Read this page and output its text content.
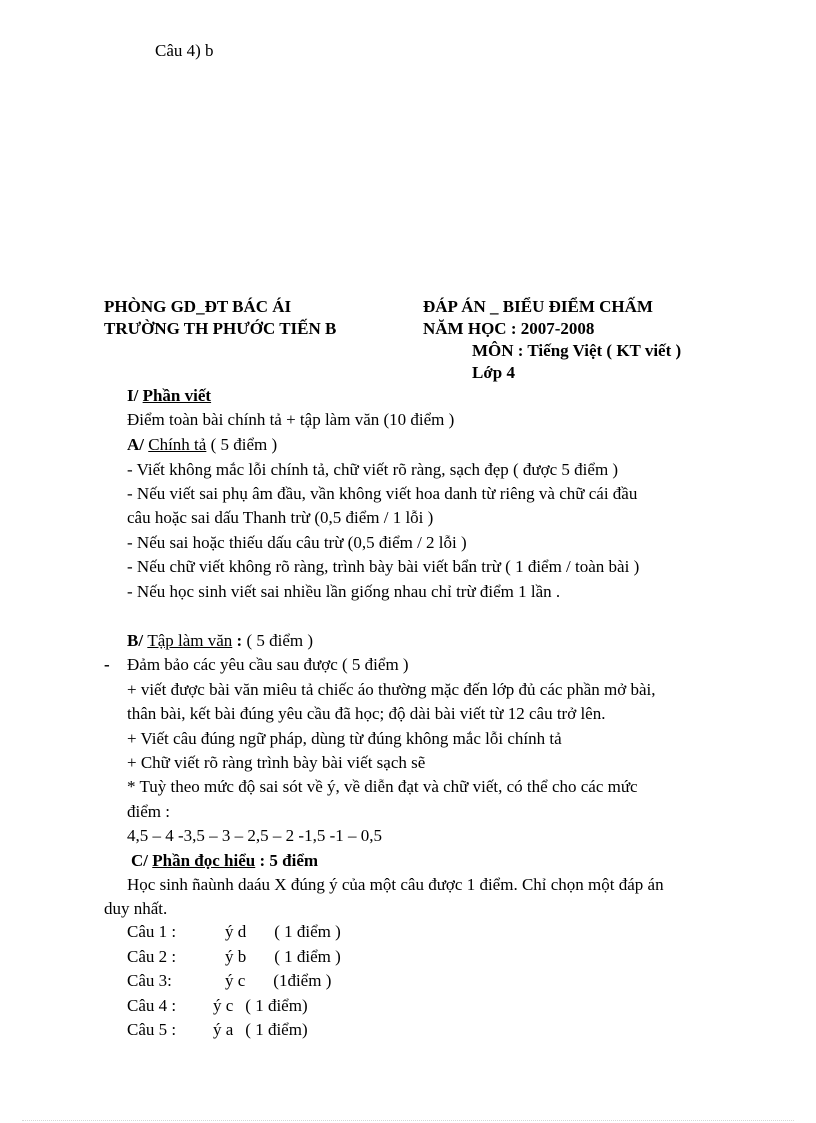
Câu 4) b
PHÒNG GD_ĐT BÁC ÁI
TRƯỜNG TH PHƯỚC TIẾN B
ĐÁP ÁN _ BIỂU ĐIỂM CHẤM
NĂM HỌC : 2007-2008
MÔN : Tiếng Việt ( KT viết )
Lớp 4
I/ Phần viết
Điểm toàn bài chính tả + tập làm văn (10 điểm )
A/ Chính tả ( 5 điểm )
- Viết không mắc lỗi chính tả, chữ viết rõ ràng, sạch đẹp ( được 5 điểm )
- Nếu viết sai phụ âm đầu, vần không viết hoa danh từ riêng và chữ cái đầu
câu hoặc sai dấu Thanh trừ (0,5 điểm / 1 lỗi )
- Nếu sai hoặc thiếu dấu câu trừ (0,5 điểm / 2 lỗi )
- Nếu chữ viết không rõ ràng, trình bày bài viết bẩn trừ ( 1 điểm / toàn bài )
- Nếu học sinh viết sai nhiều lần giống nhau chỉ trừ điểm 1 lần .
B/ Tập làm văn : ( 5 điểm )
- Đảm bảo các yêu cầu sau được ( 5 điểm )
+ viết được bài văn miêu tả chiếc áo thường mặc đến lớp đủ các phần mở bài,
thân bài, kết bài đúng yêu cầu đã học; độ dài bài viết từ 12 câu trở lên.
+ Viết câu đúng ngữ pháp, dùng từ đúng không mắc lỗi chính tả
+ Chữ viết rõ ràng trình bày bài viết sạch sẽ
* Tuỳ theo mức độ sai sót về ý, về diễn đạt và chữ viết, có thể cho các mức
điểm :
4,5 – 4 -3,5 – 3 – 2,5 – 2 -1,5 -1 – 0,5
C/ Phần đọc hiểu : 5 điểm
Học sinh ñaùnh daáu X đúng ý của một câu được 1 điểm. Chỉ chọn một đáp án
duy nhất.
Câu 1 :	ý d ( 1 điểm )
Câu 2 :	ý b ( 1 điểm )
Câu 3:	ý c (1điểm )
Câu 4 : ý c ( 1 điểm)
Câu 5 : ý a ( 1 điểm)
